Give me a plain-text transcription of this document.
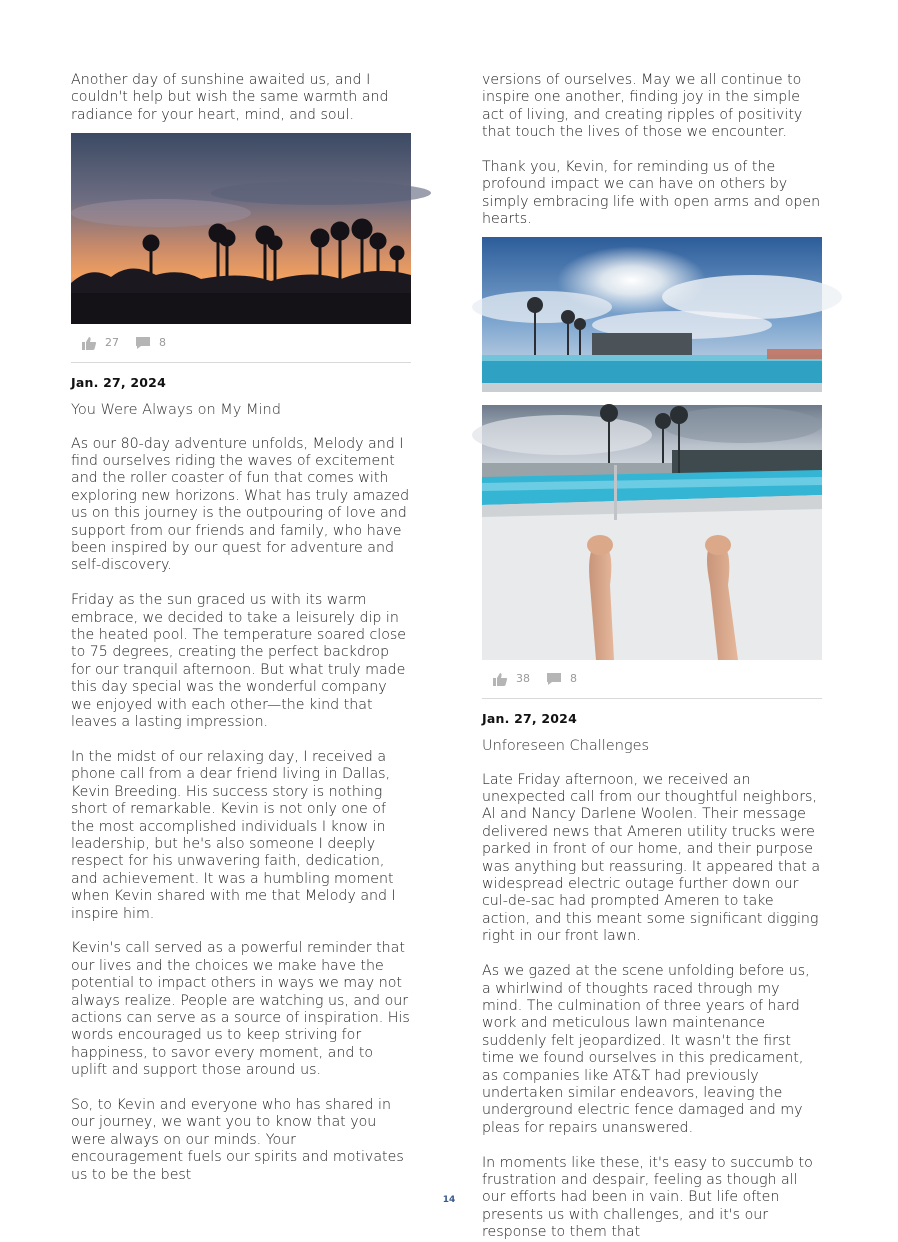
Another day of sunshine awaited us, and I couldn't help but wish the same warmth and radiance for your heart, mind, and soul.

27	8
Jan. 27, 2024
You Were Always on My Mind

As our 80-day adventure unfolds, Melody and I find ourselves riding the waves of excitement and the roller coaster of fun that comes with exploring new horizons. What has truly amazed us on this journey is the outpouring of love and support from our friends and family, who have been inspired by our quest for adventure and self-discovery.

Friday as the sun graced us with its warm embrace, we decided to take a leisurely dip in the heated pool. The temperature soared close to 75 degrees, creating the perfect backdrop for our tranquil afternoon. But what truly made this day special was the wonderful company we enjoyed with each other—the kind that leaves a lasting impression.

In the midst of our relaxing day, I received a phone call from a dear friend living in Dallas, Kevin Breeding. His success story is nothing short of remarkable. Kevin is not only one of the most accomplished individuals I know in leadership, but he's also someone I deeply respect for his unwavering faith, dedication, and achievement. It was a humbling moment when Kevin shared with me that Melody and I inspire him.

Kevin's call served as a powerful reminder that our lives and the choices we make have the potential to impact others in ways we may not always realize. People are watching us, and our actions can serve as a source of inspiration. His words encouraged us to keep striving for happiness, to savor every moment, and to uplift and support those around us.

So, to Kevin and everyone who has shared in our journey, we want you to know that you were always on our minds. Your encouragement fuels our spirits and motivates us to be the best

versions of ourselves. May we all continue to inspire one another, finding joy in the simple act of living, and creating ripples of positivity that touch the lives of those we encounter.

Thank you, Kevin, for reminding us of the profound impact we can have on others by simply embracing life with open arms and open hearts.

38	8
Jan. 27, 2024
Unforeseen Challenges

Late Friday afternoon, we received an unexpected call from our thoughtful neighbors, Al and Nancy Darlene Woolen. Their message delivered news that Ameren utility trucks were parked in front of our home, and their purpose was anything but reassuring. It appeared that a widespread electric outage further down our cul-de-sac had prompted Ameren to take action, and this meant some significant digging right in our front lawn.

As we gazed at the scene unfolding before us, a whirlwind of thoughts raced through my mind. The culmination of three years of hard work and meticulous lawn maintenance suddenly felt jeopardized. It wasn't the first time we found ourselves in this predicament, as companies like AT&T had previously undertaken similar endeavors, leaving the underground electric fence damaged and my pleas for repairs unanswered.

In moments like these, it's easy to succumb to frustration and despair, feeling as though all our efforts had been in vain. But life often presents us with challenges, and it's our response to them that

14
